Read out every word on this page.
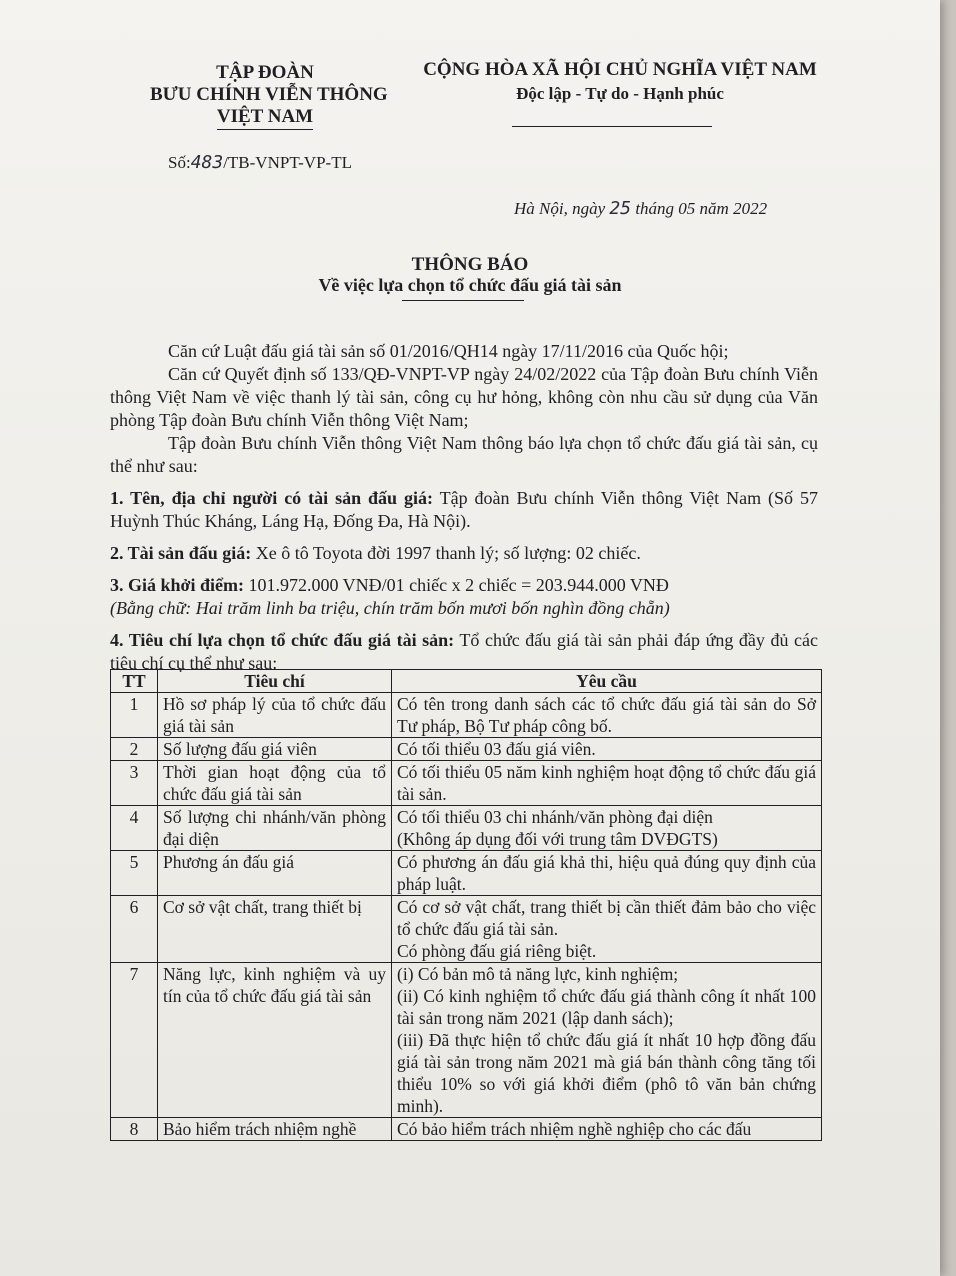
TẬP ĐOÀN
BƯU CHÍNH VIỄN THÔNG
VIỆT NAM
CỘNG HÒA XÃ HỘI CHỦ NGHĨA VIỆT NAM
Độc lập - Tự do - Hạnh phúc
Số:483/TB-VNPT-VP-TL
Hà Nội, ngày 25 tháng 05 năm 2022
THÔNG BÁO
Về việc lựa chọn tổ chức đấu giá tài sản

Căn cứ Luật đấu giá tài sản số 01/2016/QH14 ngày 17/11/2016 của Quốc hội;

Căn cứ Quyết định số 133/QĐ-VNPT-VP ngày 24/02/2022 của Tập đoàn Bưu chính Viễn thông Việt Nam về việc thanh lý tài sản, công cụ hư hỏng, không còn nhu cầu sử dụng của Văn phòng Tập đoàn Bưu chính Viễn thông Việt Nam;

Tập đoàn Bưu chính Viễn thông Việt Nam thông báo lựa chọn tổ chức đấu giá tài sản, cụ thể như sau:

1. Tên, địa chỉ người có tài sản đấu giá: Tập đoàn Bưu chính Viễn thông Việt Nam (Số 57 Huỳnh Thúc Kháng, Láng Hạ, Đống Đa, Hà Nội).

2. Tài sản đấu giá: Xe ô tô Toyota đời 1997 thanh lý; số lượng: 02 chiếc.

3. Giá khởi điểm: 101.972.000 VNĐ/01 chiếc x 2 chiếc = 203.944.000 VNĐ

(Bằng chữ: Hai trăm linh ba triệu, chín trăm bốn mươi bốn nghìn đồng chẵn)

4. Tiêu chí lựa chọn tổ chức đấu giá tài sản: Tổ chức đấu giá tài sản phải đáp ứng đầy đủ các tiêu chí cụ thể như sau:

TT	Tiêu chí	Yêu cầu
1	Hồ sơ pháp lý của tổ chức đấu giá tài sản	Có tên trong danh sách các tổ chức đấu giá tài sản do Sở Tư pháp, Bộ Tư pháp công bố.

2	Số lượng đấu giá viên	Có tối thiểu 03 đấu giá viên.

3	Thời gian hoạt động của tổ chức đấu giá tài sản	Có tối thiểu 05 năm kinh nghiệm hoạt động tổ chức đấu giá tài sản.

4	Số lượng chi nhánh/văn phòng đại diện	Có tối thiểu 03 chi nhánh/văn phòng đại diện
(Không áp dụng đối với trung tâm DVĐGTS)

5	Phương án đấu giá	Có phương án đấu giá khả thi, hiệu quả đúng quy định của pháp luật.

6	Cơ sở vật chất, trang thiết bị	Có cơ sở vật chất, trang thiết bị cần thiết đảm bảo cho việc tổ chức đấu giá tài sản.
Có phòng đấu giá riêng biệt.

7	Năng lực, kinh nghiệm và uy tín của tổ chức đấu giá tài sản	(i) Có bản mô tả năng lực, kinh nghiệm;
(ii) Có kinh nghiệm tổ chức đấu giá thành công ít nhất 100 tài sản trong năm 2021 (lập danh sách);
(iii) Đã thực hiện tổ chức đấu giá ít nhất 10 hợp đồng đấu giá tài sản trong năm 2021 mà giá bán thành công tăng tối thiểu 10% so với giá khởi điểm (phô tô văn bản chứng minh).

8	Bảo hiểm trách nhiệm nghề	Có bảo hiểm trách nhiệm nghề nghiệp cho các đấu
